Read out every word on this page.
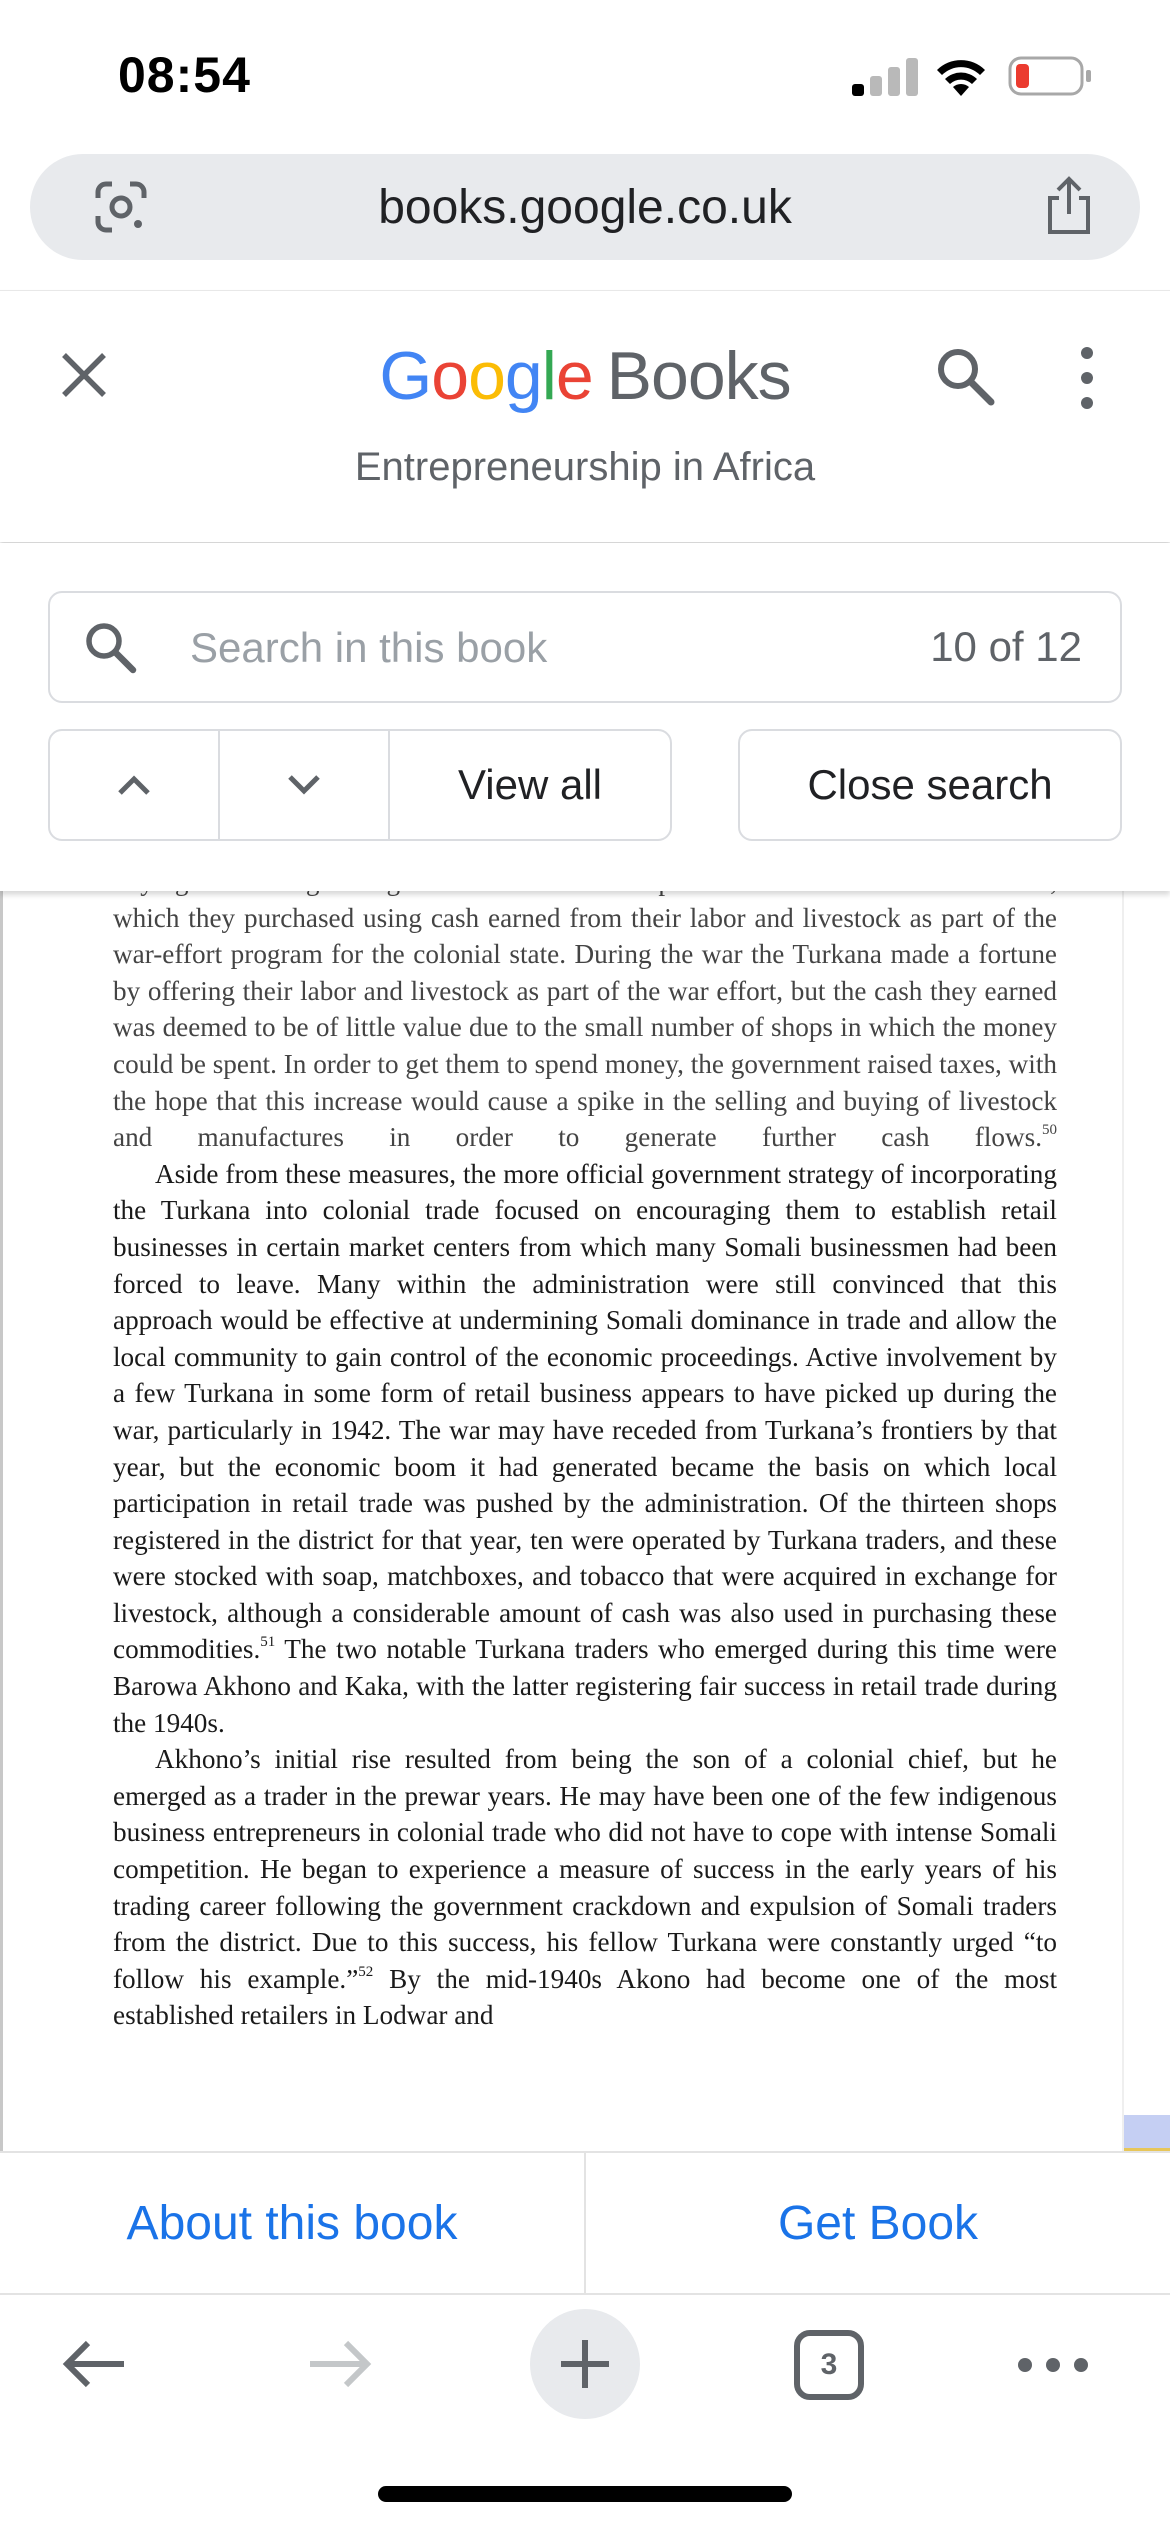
08:54
books.google.co.uk
Google Books
Entrepreneurship in Africa
Search in this book
10 of 12
View all	Close search

which they purchased using cash earned from their labor and livestock as part of the war-effort program for the colonial state. During the war the Turkana made a fortune by offering their labor and livestock as part of the war effort, but the cash they earned was deemed to be of little value due to the small number of shops in which the money could be spent. In order to get them to spend money, the government raised taxes, with the hope that this increase would cause a spike in the selling and buying of livestock and manufactures in order to generate further cash flows.$^{50}$

Aside from these measures, the more official government strategy of incorporating the Turkana into colonial trade focused on encouraging them to establish retail businesses in certain market centers from which many Somali businessmen had been forced to leave. Many within the administration were still convinced that this approach would be effective at undermining Somali dominance in trade and allow the local community to gain control of the economic proceedings. Active involvement by a few Turkana in some form of retail business appears to have picked up during the war, particularly in 1942. The war may have receded from Turkana’s frontiers by that year, but the economic boom it had generated became the basis on which local participation in retail trade was pushed by the administration. Of the thirteen shops registered in the district for that year, ten were operated by Turkana traders, and these were stocked with soap, matchboxes, and tobacco that were acquired in exchange for livestock, although a considerable amount of cash was also used in purchasing these commodities.$^{51}$ The two notable Turkana traders who emerged during this time were Barowa Akhono and Kaka, with the latter registering fair success in retail trade during the 1940s.

Akhono’s initial rise resulted from being the son of a colonial chief, but he emerged as a trader in the prewar years. He may have been one of the few indigenous business entrepreneurs in colonial trade who did not have to cope with intense Somali competition. He began to experience a measure of success in the early years of his trading career following the government crackdown and expulsion of Somali traders from the district. Due to this success, his fellow Turkana were constantly urged “to follow his example.”$^{52}$ By the mid-1940s Akono had become one of the most established retailers in Lodwar and

About this book	Get Book
3
